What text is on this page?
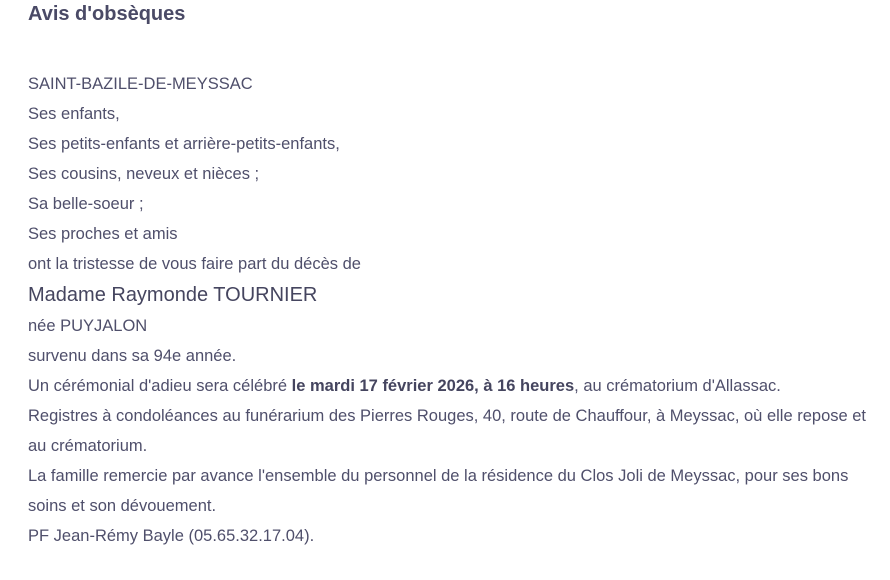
Avis d'obsèques
SAINT-BAZILE-DE-MEYSSAC
Ses enfants,
Ses petits-enfants et arrière-petits-enfants,
Ses cousins, neveux et nièces ;
Sa belle-soeur ;
Ses proches et amis
ont la tristesse de vous faire part du décès de
Madame Raymonde TOURNIER
née PUYJALON
survenu dans sa 94e année.
Un cérémonial d'adieu sera célébré le mardi 17 février 2026, à 16 heures, au crématorium d'Allassac.
Registres à condoléances au funérarium des Pierres Rouges, 40, route de Chauffour, à Meyssac, où elle repose et au crématorium.
La famille remercie par avance l'ensemble du personnel de la résidence du Clos Joli de Meyssac, pour ses bons soins et son dévouement.
PF Jean-Rémy Bayle (05.65.32.17.04).
